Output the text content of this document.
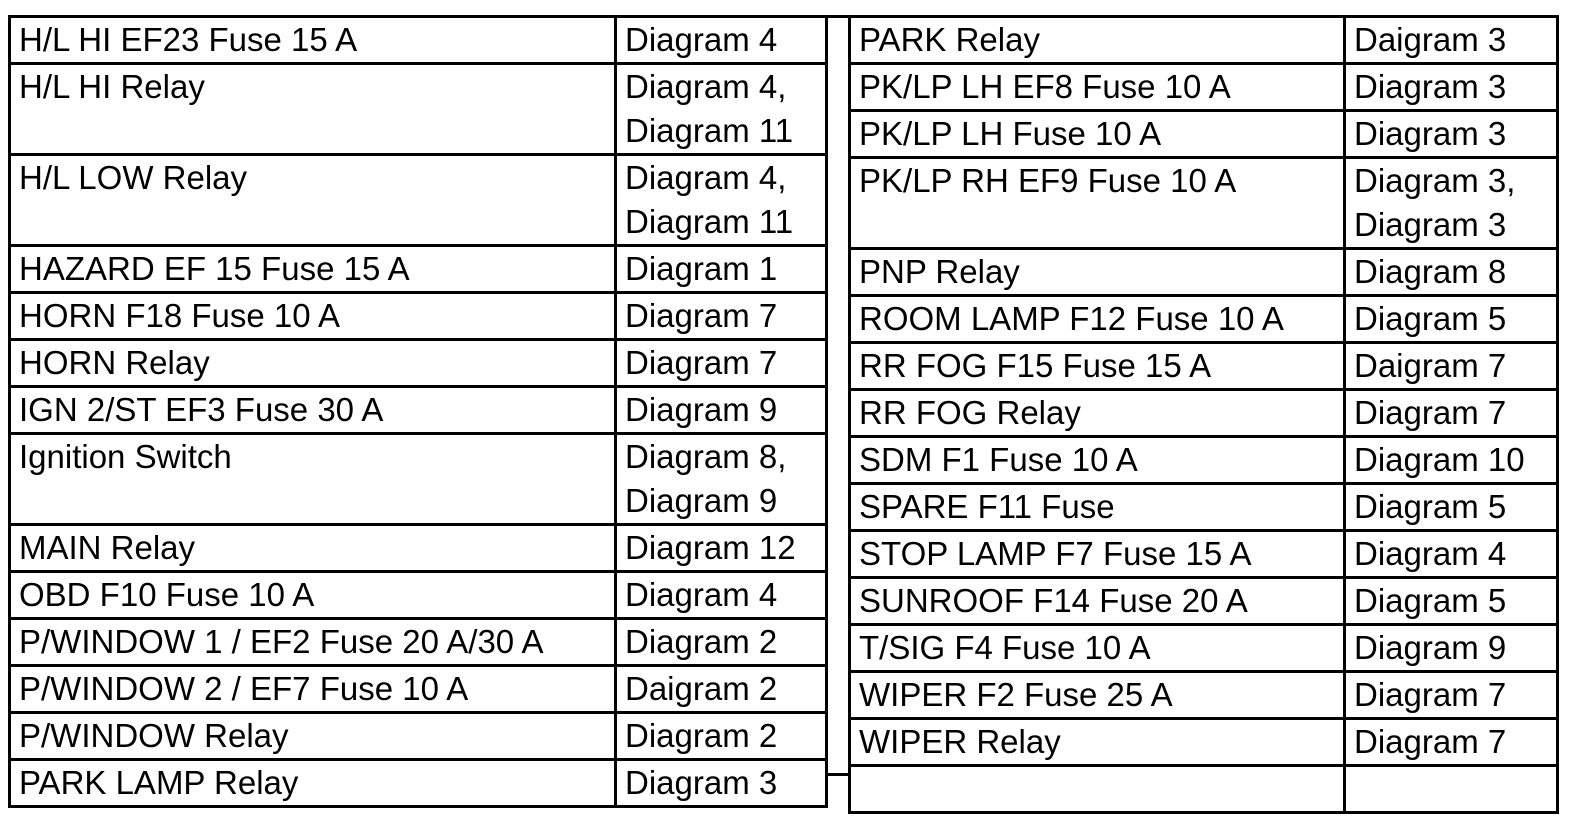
H/L HI EF23 Fuse 15 A	Diagram 4

H/L HI Relay	Diagram 4,
Diagram 11

H/L LOW Relay	Diagram 4,
Diagram 11

HAZARD EF 15 Fuse 15 A	Diagram 1

HORN F18 Fuse 10 A	Diagram 7

HORN Relay	Diagram 7

IGN 2/ST EF3 Fuse 30 A	Diagram 9

Ignition Switch	Diagram 8,
Diagram 9

MAIN Relay	Diagram 12

OBD F10 Fuse 10 A	Diagram 4

P/WINDOW 1 / EF2 Fuse 20 A/30 A	Diagram 2

P/WINDOW 2 / EF7 Fuse 10 A	Daigram 2

P/WINDOW Relay	Diagram 2

PARK LAMP Relay	Diagram 3
PARK Relay	Daigram 3

PK/LP LH EF8 Fuse 10 A	Diagram 3

PK/LP LH Fuse 10 A	Diagram 3

PK/LP RH EF9 Fuse 10 A	Diagram 3,
Diagram 3

PNP Relay	Diagram 8

ROOM LAMP F12 Fuse 10 A	Diagram 5

RR FOG F15 Fuse 15 A	Daigram 7

RR FOG Relay	Diagram 7

SDM F1 Fuse 10 A	Diagram 10

SPARE F11 Fuse	Diagram 5

STOP LAMP F7 Fuse 15 A	Diagram 4

SUNROOF F14 Fuse 20 A	Diagram 5

T/SIG F4 Fuse 10 A	Diagram 9

WIPER F2 Fuse 25 A	Diagram 7

WIPER Relay	Diagram 7
